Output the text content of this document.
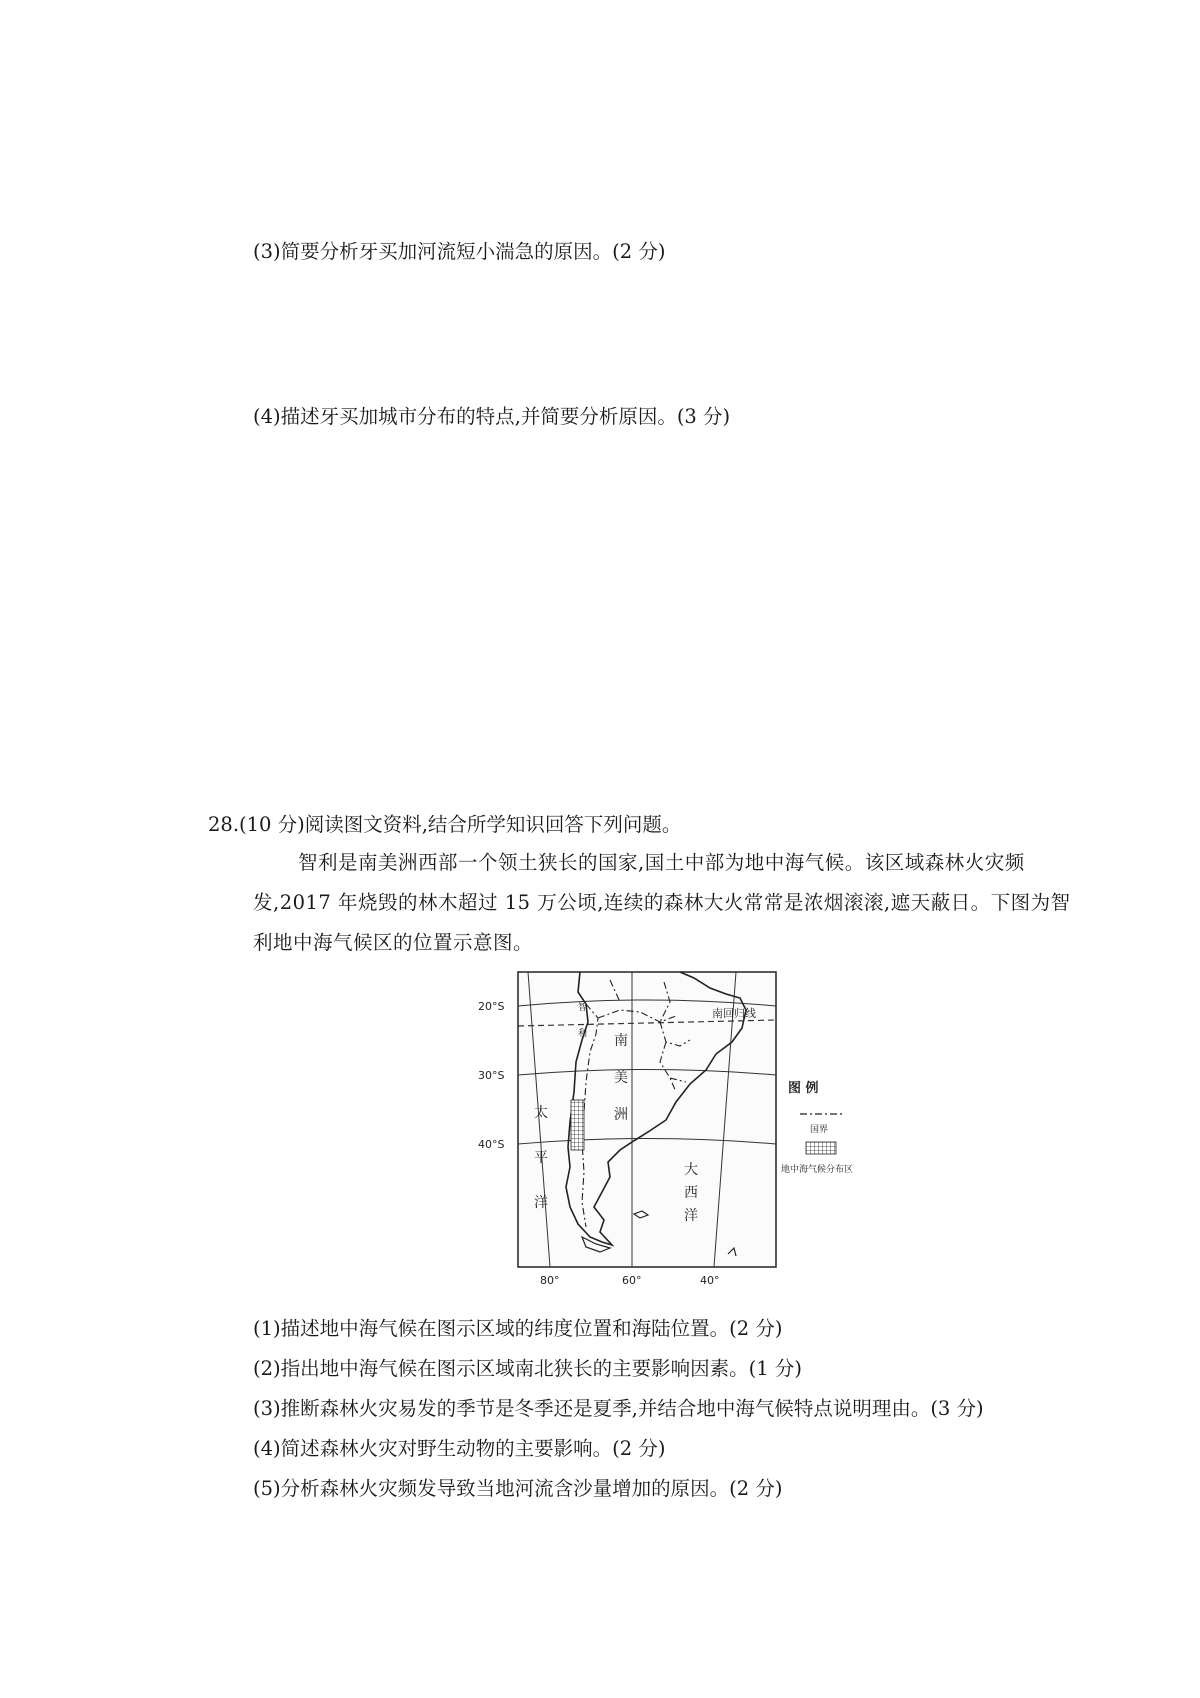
(3)简要分析牙买加河流短小湍急的原因。(2 分)
(4)描述牙买加城市分布的特点,并简要分析原因。(3 分)
28.(10 分)阅读图文资料,结合所学知识回答下列问题。
智利是南美洲西部一个领土狭长的国家,国土中部为地中海气候。该区域森林火灾频发,2017 年烧毁的林木超过 15 万公顷,连续的森林大火常常是浓烟滚滚,遮天蔽日。下图为智利地中海气候区的位置示意图。
20°S
30°S
40°S
80°	60°	40°
南回归线
智
利 南
美
洲
太
平
洋
大
西
洋
图 例
国界
地中海气候分布区
(1)描述地中海气候在图示区域的纬度位置和海陆位置。(2 分)
(2)指出地中海气候在图示区域南北狭长的主要影响因素。(1 分)
(3)推断森林火灾易发的季节是冬季还是夏季,并结合地中海气候特点说明理由。(3 分)
(4)简述森林火灾对野生动物的主要影响。(2 分)
(5)分析森林火灾频发导致当地河流含沙量增加的原因。(2 分)
